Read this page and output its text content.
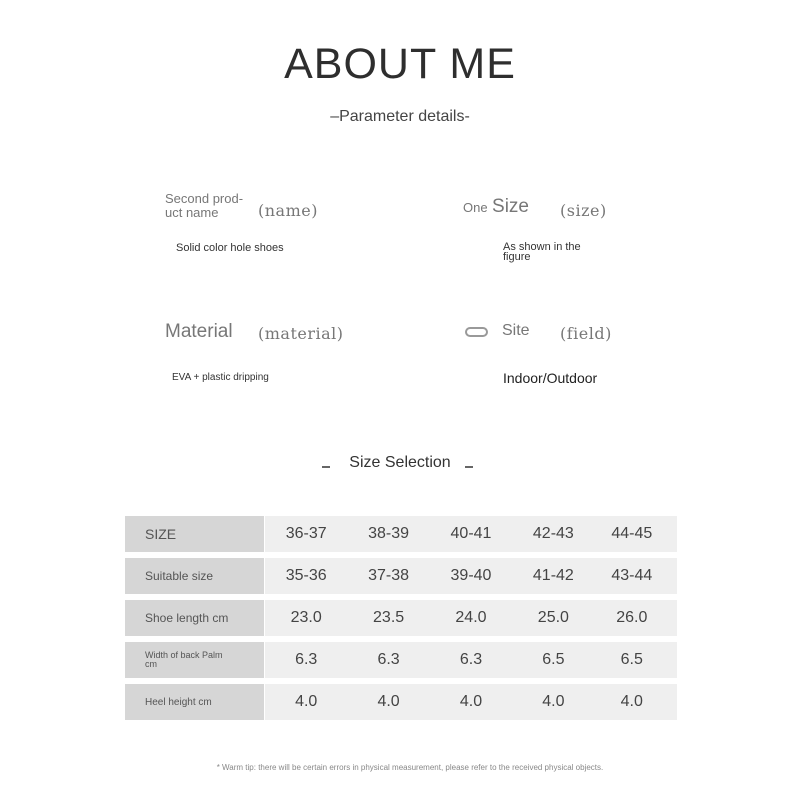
ABOUT ME
–Parameter details-
Second prod-
uct name	(name)
Solid color hole shoes
One Size (size)
As shown in the
figure
Material (material)
EVA + plastic dripping
Site (field)
Indoor/Outdoor
Size Selection
SIZE	36-37	38-39	40-41	42-43	44-45
Suitable size	35-36	37-38	39-40	41-42	43-44
Shoe length cm	23.0	23.5	24.0	25.0	26.0

Width of back Palm
cm	6.3	6.3	6.3	6.5	6.5
Heel height cm	4.0	4.0	4.0	4.0	4.0
* Warm tip: there will be certain errors in physical measurement, please refer to the received physical objects.
